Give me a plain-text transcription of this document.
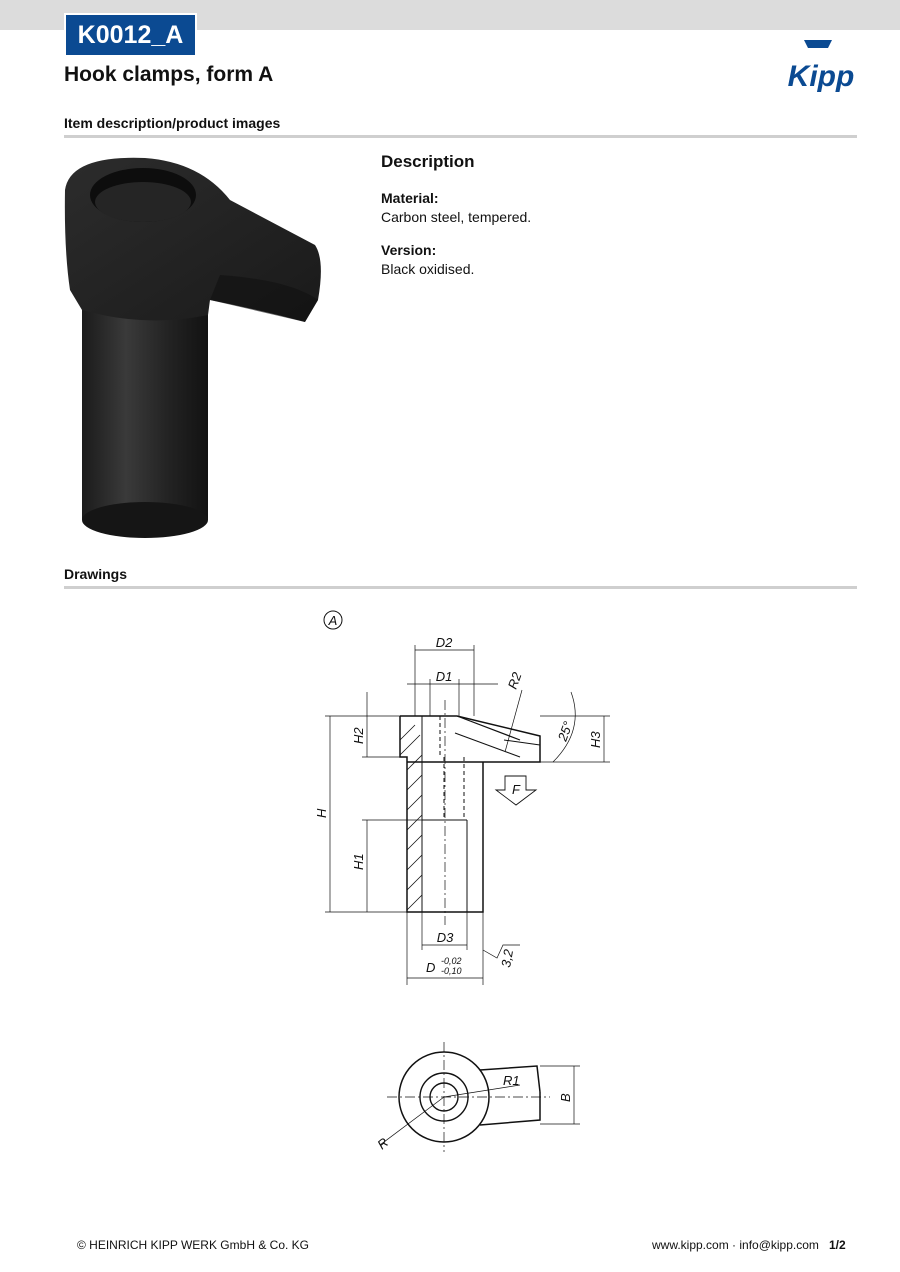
K0012_A
Hook clamps, form A	Kipp
Item description/product images
Description
Material:
Carbon steel, tempered.
Version:
Black oxidised.
Drawings
A
D2
D1	R2
25° H3
H2
H
H1
F
D3
D -0,02
-0,10
3,2
R1
B
R
© HEINRICH KIPP WERK GmbH & Co. KG	www.kipp.com · info@kipp.com 1/2
